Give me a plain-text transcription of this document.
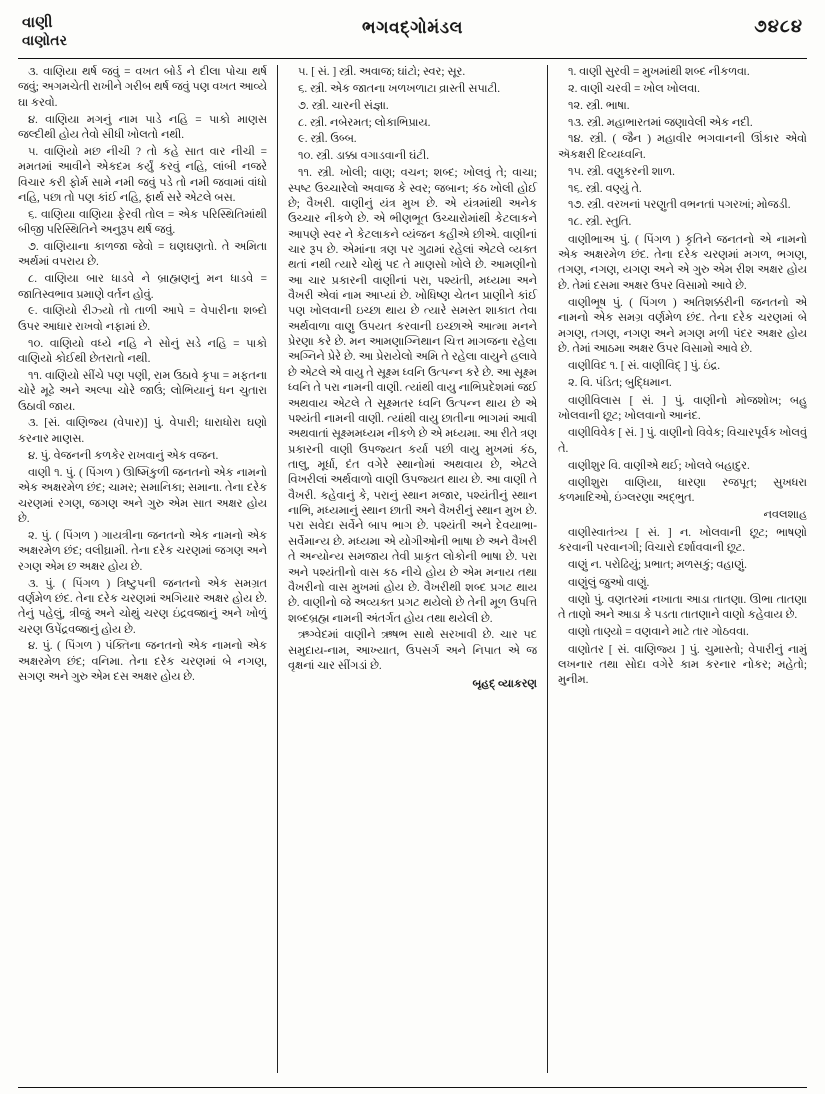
વાણી
વાણોતર
ભગવદ્ગોમંડલ	૭૪૮૪

૩. વાણિયા થર્ષ જવું = વખત બોર્ડ ને દીલા પોચા થર્ષ જવું; અગમચેતી રાખીને ગરીબ થર્ષ જવું પણ વખત આવ્યે ઘા કરવો.

૪. વાણિયા મગનું નામ પાડે નહિ = પાકો માણસ જલ્દીથી હોય તેવો સીધી ખોલતો નથી.

૫. વાણિયો મછ નીચી ? તો કહે સાત વાર નીચી = મમતમાં આવીને એકદમ કર્યું કરવું નહિ, લાંબી નજરે વિચાર કરી ફોર્મ સામે નમી જવું પડે તો નમી જવામાં વાંધો નહિ, પછા તો પણ કાંઈ નહિ, ફાર્થ સરે એટલે બસ.

૬. વાણિયા વાણિયા ફેરવી તોલ = એક પરિસ્થિતિમાંથી બીજી પરિસ્થિતિને અનુરૂપ થર્ષ જવું.

૭. વાણિયાના કાળજા જેવો = ઘણઘણતો. તે અમિતા અર્થમાં વપરાય છે.

૮. વાણિયા બાર ધાડવે ને બ્રાહ્મણનું મન ધાડવે = જાતિસ્વભાવ પ્રમાણે વર્તન હોવું.

૯. વાણિયો રીઝ્યો તો તાળી આપે = વેપારીના શબ્દો ઉપર આધાર રાખવો નફામાં છે.

૧૦. વાણિયો વધ્યે નહિ ને સોનું સડે નહિ = પાકો વાણિયો કોઈથી છેતરાતો નથી.

૧૧. વાણિયો સીંચે પણ પણી, રામ ઉઠાવે કૃપા = મફતના ચોરે મૂઢે અને અલ્પા ચોરે જાઉં; લોભિયાનું ધન ચુતારા ઉઠાવી જાય.

૩. [સં. વાણિજ્ય (વેપાર)] પું. વેપારી; ધારાધોરા ઘણો કરનાર માણસ.

૪. પું. વેજનની કળકેર રાખવાનું એક વજન.

વાણી ૧. પું. ( પિંગળ ) ઊષ્મિકુળી જનતનો એક નામનો એક અક્ષરમેળ છંદ; ચામર; સમાનિકા; સમાના. તેના દરેક ચરણમાં રગણ, જગણ અને ગુરુ એમ સાત અક્ષર હોય છે.

૨. પું. ( પિંગળ ) ગાયત્રીના જનતનો એક નામનો એક અક્ષરમેળ છંદ; વલીઘ્રામી. તેના દરેક ચરણમાં જગણ અને રગણ એમ છ અક્ષર હોય છે.

૩. પું. ( પિંગળ ) ત્રિષ્ટુપની જનતનો એક સમગ્રત વર્ણમેળ છંદ. તેના દરેક ચરણમાં અગિયાર અક્ષર હોય છે. તેનું પહેલું, ત્રીજું અને ચોથું ચરણ ઇંદ્રવજ્રાનું અને ખોળું ચરણ ઉપેંદ્રવજ્રાનું હોય છે.

૪. પું. ( પિંગળ ) પંક્તિના જનતનો એક નામનો એક અક્ષરમેળ છંદ; વનિમા. તેના દરેક ચરણમાં બે નગણ, સગણ અને ગુરુ એમ દસ અક્ષર હોય છે.

૫. [ સં. ] સ્ત્રી. અવાજ; ઘાંટો; સ્વર; સૂર.

૬. સ્ત્રી. એક જાતના ખળખળાટા વ્રાસ્તી સપાટી.

૭. સ્ત્રી. ચારની સંજ્ઞા.

૮. સ્ત્રી. નબેરમત; લોકાભિપ્રાય.

૯. સ્ત્રી. ઉબ્બ.

૧૦. સ્ત્રી. ડાક્કા વગાડવાની ઘંટી.

૧૧. સ્ત્રી. ખોલી; વાણ; વચન; શબ્દ; ખોલવું તે; વાચા; સ્પષ્ટ ઉચ્ચારેલો અવાજ કે સ્વર; જબાન; કંઠ ખોલી હોઈ છે; વૈખરી. વાણીનું યંત્ર મુખ છે. એ યંત્રમાંથી અનેક ઉચ્ચાર નીકળે છે. એ ભીણભૂત ઉચ્ચારોમાંથી કેટલાકને આપણે સ્વર ને કેટલાકને વ્યંજન કહીએ છીએ. વાણીનાં ચાર રૂપ છે. એમાંના ત્રણ પર ગુઢામાં રહેલાં એટલે વ્યક્ત થતાં નથી ત્યારે ચોથું પદ તે માણસો ખોલે છે. આમણીનો આ ચાર પ્રકારની વાણીનાં પરા, પશ્યંતી, મધ્યમા અને વૈખરી એવાં નામ આપ્યાં છે. ખોધિષ્ણ ચેતન પ્રાણીને કાંઈ પણ ખોલવાની ઇચ્છા થાય છે ત્યારે સમસ્ત શાકાત તેવા અર્થવાળા વાણુ ઉપયત કરવાની ઇચ્છાએ આત્મા મનને પ્રેરણા કરે છે. મન આમણાગ્નિથાન ચિત્ત માગજના રહેલા અગ્નિને પ્રેરે છે. આ પ્રેરાયેલો અમિ તે રહેલા વાયુને હલાવે છે એટલે એ વાયુ તે સૂક્ષ્મ ધ્વનિ ઉત્પન્ન કરે છે. આ સૂક્ષ્મ ધ્વનિ તે પરા નામની વાણી. ત્યાંથી વાયુ નાભિપ્રદેશમાં જઈ અથવાય એટલે તે સૂક્ષ્મતર ધ્વનિ ઉત્પન્ન થાય છે એ પશ્યંતી નામની વાણી. ત્યાંથી વાયુ છાતીના ભાગમાં આવી અથવાતાં સૂક્ષ્મમધ્યમ નીકળે છે એ મધ્યમા. આ રીતે ત્રણ પ્રકારની વાણી ઉપજ્યત કર્યા પછી વાયુ મુખમાં કંઠ, તાલુ, મૂર્ધા, દંત વગેરે સ્થાનોમાં અથવાય છે, એટલે વિખરીલાં અર્થવાળો વાણી ઉપજ્યત થાય છે. આ વાણી તે વૈખરી. કહેવાનું કે, પરાનું સ્થાન મજાર, પશ્યંતીનું સ્થાન નાભિ, મધ્યમાનું સ્થાન છાતી અને વૈખરીનું સ્થાન મુખ છે. પરા સવેદા સર્વેને બાપ ભાગ છે. પશ્યંતી અને દેવયાભા-સર્વેમાન્ય છે. મધ્યમા એ યોગીઓની ભાષા છે અને વૈખરી તે અન્યોન્ય સમજાય તેવી પ્રાકૃત લોકોની ભાષા છે. પરા અને પશ્યંતીનો વાસ કઠ નીચે હોય છે એમ મનાય તથા વૈખરીનો વાસ મુખમાં હોય છે. વૈખરીથી શબ્દ પ્રગટ થાય છે. વાણીનો જે અવ્યક્ત પ્રગટ થયેલો છે તેની મૂળ ઉપત્તિ શબ્દબ્રહ્મ નામની અંતર્ગત હોય તથા થયેલી છે.

ઋગ્વેદમાં વાણીને ઋષભ સાથે સરખાવી છે. ચાર પદ સમુદાય-નામ, આખ્યાત, ઉપસર્ગ અને નિપાત એ જ વૃક્ષનાં ચાર સીંગડાં છે.

બૃહદ્ વ્યાકરણ

૧. વાણી સુરવી = મુખમાંથી શબ્દ નીકળવા.

૨. વાણી ચરવી = ખોલ ખોલવા.

૧૨. સ્ત્રી. ભાષા.

૧૩. સ્ત્રી. મહાભારતમાં જણાવેલી એક નદી.

૧૪. સ્ત્રી. ( જૈન ) મહાવીર ભગવાનની ઊંકાર એવો ઍકક્ષરી દિવ્યધ્વનિ.

૧૫. સ્ત્રી. વણુકરની શાળ.

૧૬. સ્ત્રી. વણ્યું તે.

૧૭. સ્ત્રી. વરખનાં પરણુતી વભનતાં પગરખાં; મોજડી.

૧૮. સ્ત્રી. સ્તુતિ.

વાણીભાઅ પું. ( પિંગળ ) કૃતિને જનતનો એ નામનો એક અક્ષરમેળ છંદ. તેના દરેક ચરણમાં મગળ, ભગણ, તગણ, નગણ, યગણ અને એ ગુરુ એમ રીશ અક્ષર હોય છે. તેમાં દસમા અક્ષર ઉપર વિસામો આવે છે.

વાણીભૂષ પું. ( પિંગળ ) અતિશક્કંરીની જનતનો એ નામનો એક સમગ્ર વર્ણમેળ છંદ. તેના દરેક ચરણમાં બે મગણ, તગણ, નગણ અને મગણ મળી પંદર અક્ષર હોય છે. તેમાં આઠમા અક્ષર ઉપર વિસામો આવે છે.

વાણીવિદ ૧. [ સં. વાણીવિદ્ ] પું. ઇંદ્ર.

૨. વિ. પંડિત; બુદ્ધિમાન.

વાણીવિલાસ [ સં. ] પું. વાણીનો મોજશોખ; બહુ ખોલવાની છૂટ; ખોલવાનો આનંદ.

વાણીવિવેક [ સં. ] પું. વાણીનો વિવેક; વિચારપૂર્વક ખોલવું તે.

વાણીશુર વિ. વાણીએ થઈ; ખોલવે બહાદુર.

વાણીશુરા વાણિયા, ધારણા રજપૂત; સુખધરા કળમાદિઓ, ઇંગ્લરણા અદ્ભુત.

નવલશાહ

વાણીસ્વાતંત્ર્ય [ સં. ] ન. ખોલવાની છૂટ; ભાષણો કરવાની પરવાનગી; વિચારો દર્શાવવાની છૂટ.

વાણું ન. પરોઢિયું; પ્રભાત; મળસકું; વહાણું.

વાણુંલું જુઓ વાણું.

વાણો પું. વણતરમાં નખાતા આડા તાતણા. ઊભા તાતણા તે તાણો અને આડા કે પડતા તાતણાને વાણો કહેવાય છે.

વાણો તાણ્યો = વણવાને માટે તાર ગોઠવવા.

વાણોતર [ સં. વાણિજ્ય ] પું. ચુમાસ્તો; વેપારીનું નામું લખનાર તથા સોદા વગેરે કામ કરનાર નોકર; મહેતો; મુનીમ.
